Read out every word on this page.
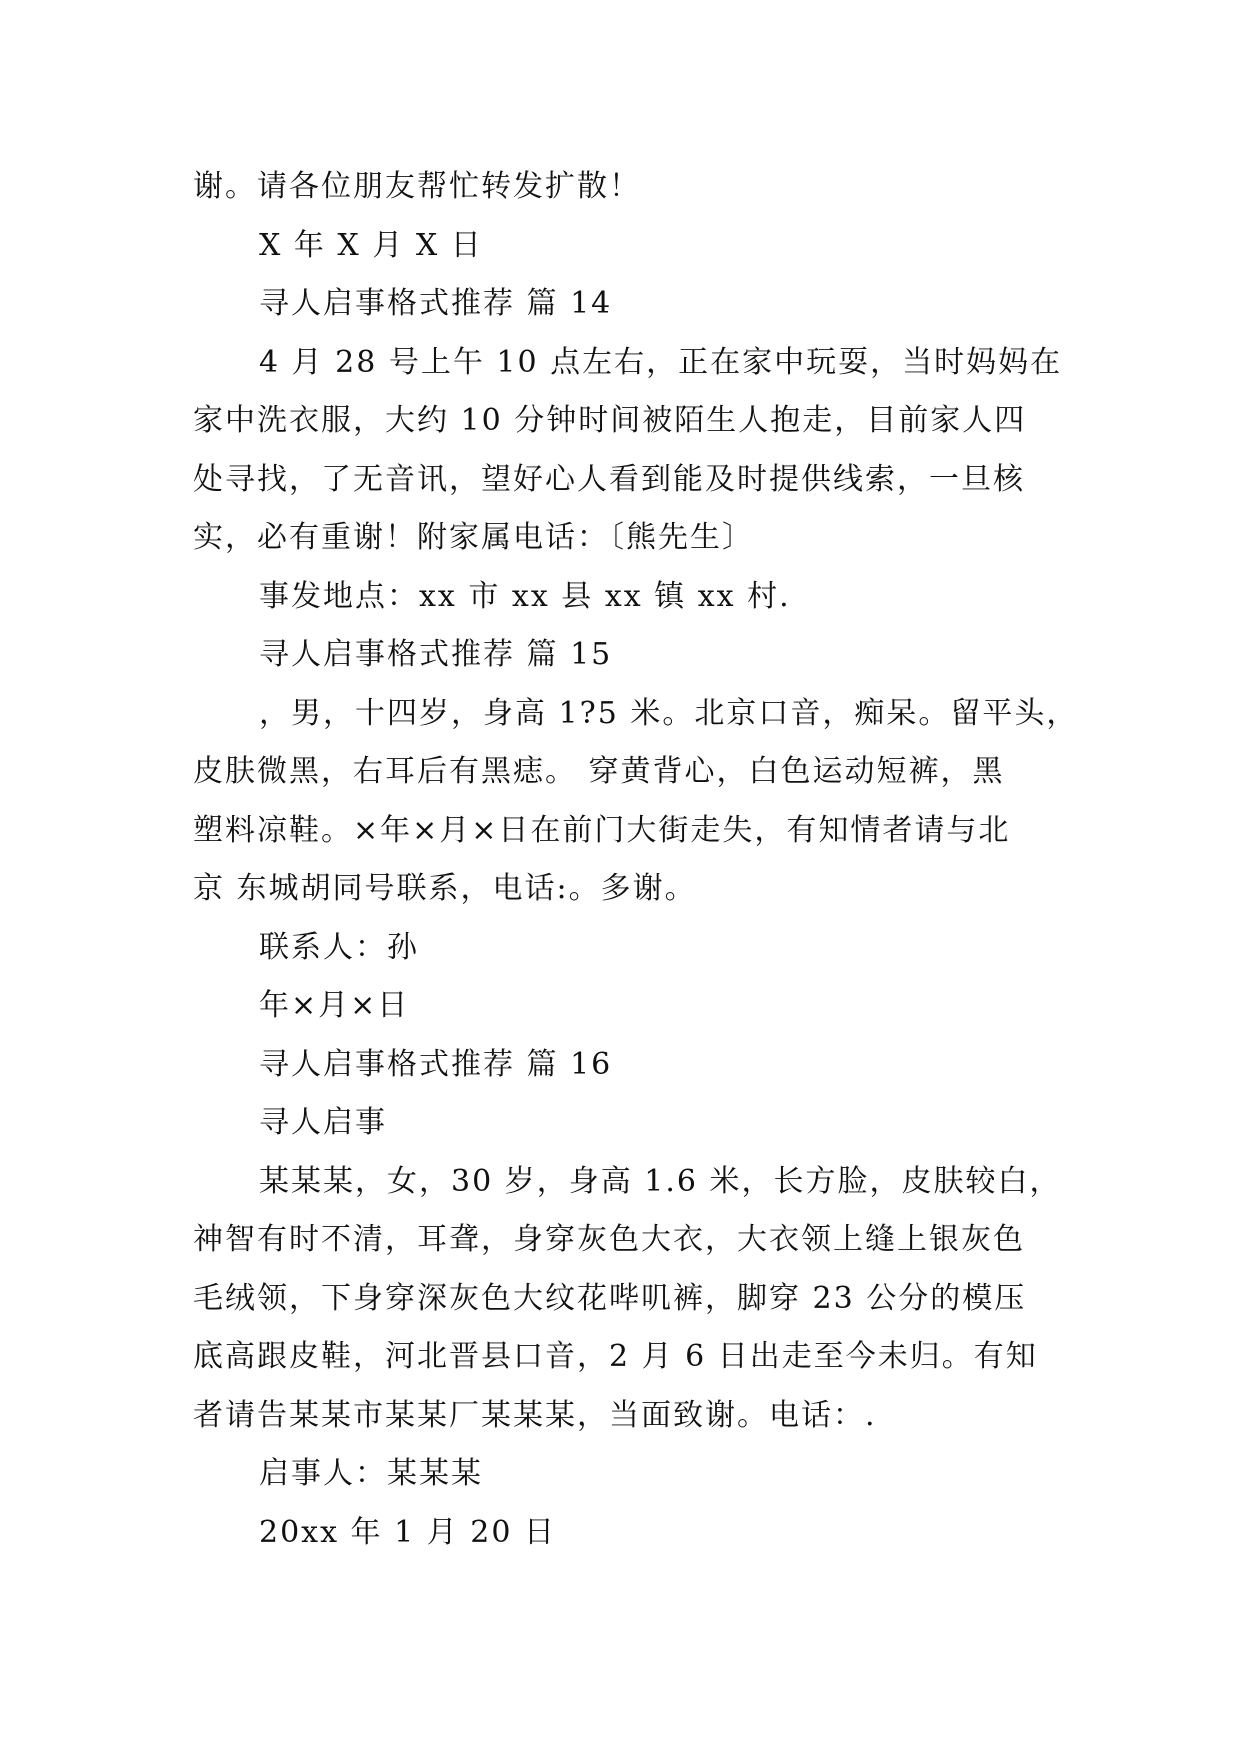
谢。请各位朋友帮忙转发扩散！
X 年 X 月 X 日
寻人启事格式推荐 篇 14
4 月 28 号上午 10 点左右，正在家中玩耍，当时妈妈在
家中洗衣服，大约 10 分钟时间被陌生人抱走，目前家人四
处寻找，了无音讯，望好心人看到能及时提供线索，一旦核
实，必有重谢！附家属电话：〔熊先生〕
事发地点：xx 市 xx 县 xx 镇 xx 村.
寻人启事格式推荐 篇 15
，男，十四岁，身高 1?5 米。北京口音，痴呆。留平头，
皮肤微黑，右耳后有黑痣。 穿黄背心，白色运动短裤，黑
塑料凉鞋。×年×月×日在前门大街走失，有知情者请与北
京 东城胡同号联系，电话:。多谢。
联系人：孙
年×月×日
寻人启事格式推荐 篇 16
寻人启事
某某某，女，30 岁，身高 1.6 米，长方脸，皮肤较白，
神智有时不清，耳聋，身穿灰色大衣，大衣领上缝上银灰色
毛绒领，下身穿深灰色大纹花哔叽裤，脚穿 23 公分的模压
底高跟皮鞋，河北晋县口音，2 月 6 日出走至今未归。有知
者请告某某市某某厂某某某，当面致谢。电话：.
启事人：某某某
20xx 年 1 月 20 日
